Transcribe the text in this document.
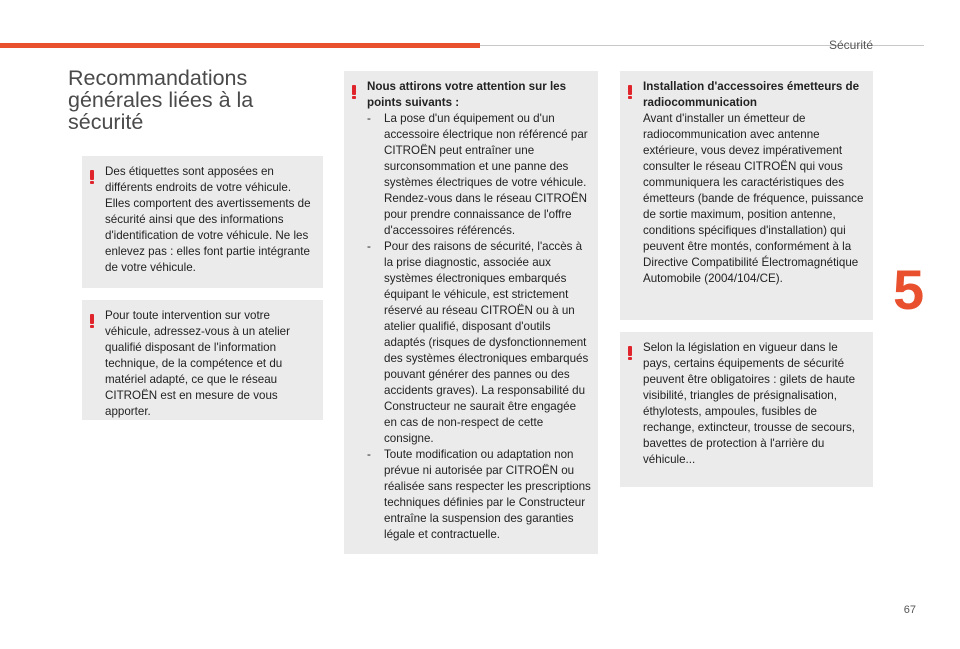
Sécurité
5
67
Recommandations générales liées à la sécurité

Des étiquettes sont apposées en différents endroits de votre véhicule. Elles comportent des avertissements de sécurité ainsi que des informations d'identification de votre véhicule. Ne les enlevez pas : elles font partie intégrante de votre véhicule.

Pour toute intervention sur votre véhicule, adressez-vous à un atelier qualifié disposant de l'information technique, de la compétence et du matériel adapté, ce que le réseau CITROËN est en mesure de vous apporter.

Nous attirons votre attention sur les points suivants :

- La pose d'un équipement ou d'un accessoire électrique non référencé par CITROËN peut entraîner une surconsommation et une panne des systèmes électriques de votre véhicule. Rendez-vous dans le réseau CITROËN pour prendre connaissance de l'offre d'accessoires référencés.
- Pour des raisons de sécurité, l'accès à la prise diagnostic, associée aux systèmes électroniques embarqués équipant le véhicule, est strictement réservé au réseau CITROËN ou à un atelier qualifié, disposant d'outils adaptés (risques de dysfonctionnement des systèmes électroniques embarqués pouvant générer des pannes ou des accidents graves). La responsabilité du Constructeur ne saurait être engagée en cas de non-respect de cette consigne.
- Toute modification ou adaptation non prévue ni autorisée par CITROËN ou réalisée sans respecter les prescriptions techniques définies par le Constructeur entraîne la suspension des garanties légale et contractuelle.

Installation d'accessoires émetteurs de radiocommunication

Avant d'installer un émetteur de radiocommunication avec antenne extérieure, vous devez impérativement consulter le réseau CITROËN qui vous communiquera les caractéristiques des émetteurs (bande de fréquence, puissance de sortie maximum, position antenne, conditions spécifiques d'installation) qui peuvent être montés, conformément à la Directive Compatibilité Électromagnétique Automobile (2004/104/CE).

Selon la législation en vigueur dans le pays, certains équipements de sécurité peuvent être obligatoires : gilets de haute visibilité, triangles de présignalisation, éthylotests, ampoules, fusibles de rechange, extincteur, trousse de secours, bavettes de protection à l'arrière du véhicule...
